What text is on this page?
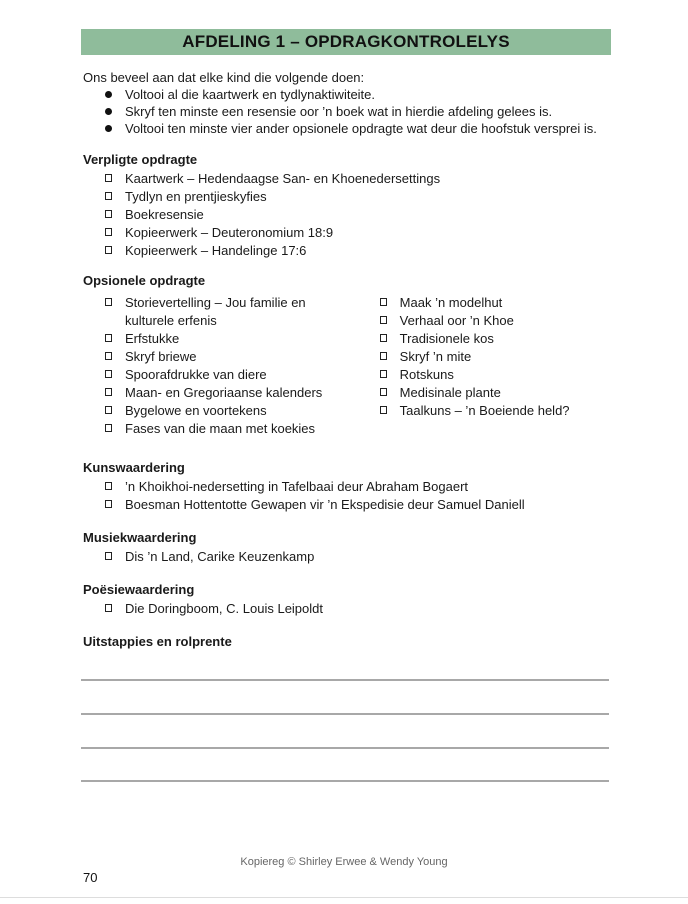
AFDELING 1 – OPDRAGKONTROLELYS
Ons beveel aan dat elke kind die volgende doen:
Voltooi al die kaartwerk en tydlynaktiwiteite.
Skryf ten minste een resensie oor ’n boek wat in hierdie afdeling gelees is.
Voltooi ten minste vier ander opsionele opdragte wat deur die hoofstuk versprei is.
Verpligte opdragte
Kaartwerk – Hedendaagse San- en Khoenedersettings
Tydlyn en prentjieskyfies
Boekresensie
Kopieerwerk – Deuteronomium 18:9
Kopieerwerk – Handelinge 17:6
Opsionele opdragte
Storievertelling – Jou familie en kulturele erfenis
Erfstukke
Skryf briewe
Spoorafdrukke van diere
Maan- en Gregoriaanse kalenders
Bygelowe en voortekens
Fases van die maan met koekies
Maak ’n modelhut
Verhaal oor ’n Khoe
Tradisionele kos
Skryf ’n mite
Rotskuns
Medisinale plante
Taalkuns – ’n Boeiende held?
Kunswaardering
’n Khoikhoi-nedersetting in Tafelbaai deur Abraham Bogaert
Boesman Hottentotte Gewapen vir ’n Ekspedisie deur Samuel Daniell
Musiekwaardering
Dis ’n Land, Carike Keuzenkamp
Poësiewaardering
Die Doringboom, C. Louis Leipoldt
Uitstappies en rolprente
Kopiereg © Shirley Erwee & Wendy Young
70
